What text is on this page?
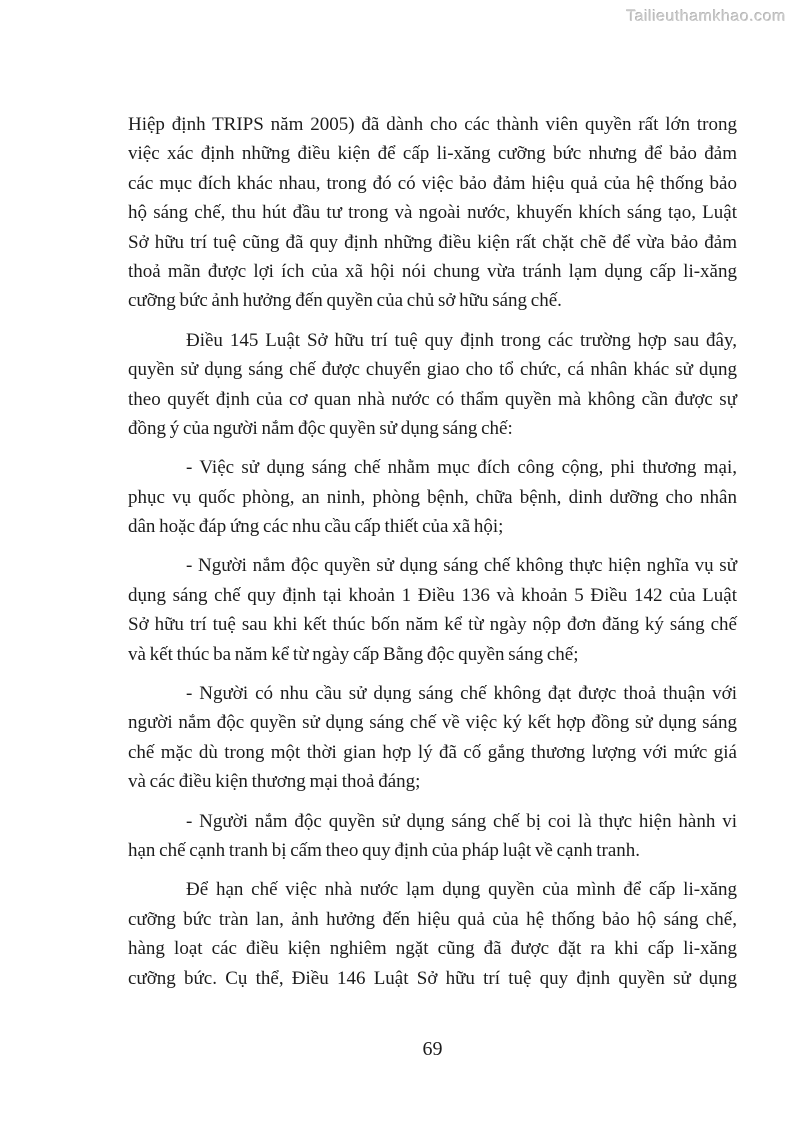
Tailieuthamkhao.com

Hiệp định TRIPS năm 2005) đã dành cho các thành viên quyền rất lớn trong
việc xác định những điều kiện để cấp li-xăng cưỡng bức nhưng để bảo đảm
các mục đích khác nhau, trong đó có việc bảo đảm hiệu quả của hệ thống bảo
hộ sáng chế, thu hút đầu tư trong và ngoài nước, khuyến khích sáng tạo, Luật
Sở hữu trí tuệ cũng đã quy định những điều kiện rất chặt chẽ để vừa bảo đảm
thoả mãn được lợi ích của xã hội nói chung vừa tránh lạm dụng cấp li-xăng
cưỡng bức ảnh hưởng đến quyền của chủ sở hữu sáng chế.

Điều 145 Luật Sở hữu trí tuệ quy định trong các trường hợp sau đây,
quyền sử dụng sáng chế được chuyển giao cho tổ chức, cá nhân khác sử dụng
theo quyết định của cơ quan nhà nước có thẩm quyền mà không cần được sự
đồng ý của người nắm độc quyền sử dụng sáng chế:

- Việc sử dụng sáng chế nhằm mục đích công cộng, phi thương mại,
phục vụ quốc phòng, an ninh, phòng bệnh, chữa bệnh, dinh dưỡng cho nhân
dân hoặc đáp ứng các nhu cầu cấp thiết của xã hội;

- Người nắm độc quyền sử dụng sáng chế không thực hiện nghĩa vụ sử
dụng sáng chế quy định tại khoản 1 Điều 136 và khoản 5 Điều 142 của Luật
Sở hữu trí tuệ sau khi kết thúc bốn năm kể từ ngày nộp đơn đăng ký sáng chế
và kết thúc ba năm kể từ ngày cấp Bằng độc quyền sáng chế;

- Người có nhu cầu sử dụng sáng chế không đạt được thoả thuận với
người nắm độc quyền sử dụng sáng chế về việc ký kết hợp đồng sử dụng sáng
chế mặc dù trong một thời gian hợp lý đã cố gắng thương lượng với mức giá
và các điều kiện thương mại thoả đáng;

- Người nắm độc quyền sử dụng sáng chế bị coi là thực hiện hành vi
hạn chế cạnh tranh bị cấm theo quy định của pháp luật về cạnh tranh.

Để hạn chế việc nhà nước lạm dụng quyền của mình để cấp li-xăng
cưỡng bức tràn lan, ảnh hưởng đến hiệu quả của hệ thống bảo hộ sáng chế,
hàng loạt các điều kiện nghiêm ngặt cũng đã được đặt ra khi cấp li-xăng
cưỡng bức. Cụ thể, Điều 146 Luật Sở hữu trí tuệ quy định quyền sử dụng

69
